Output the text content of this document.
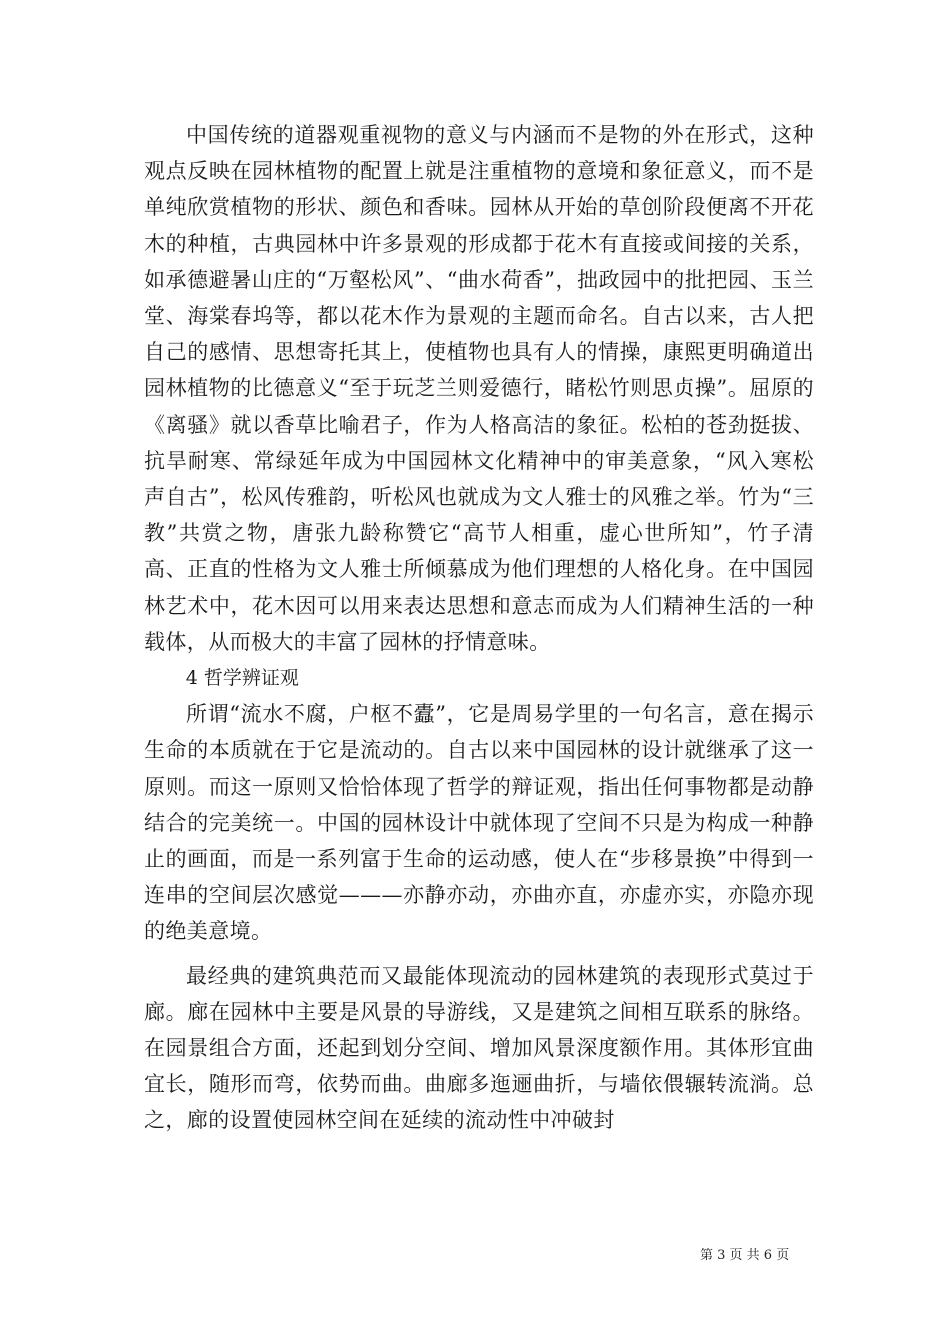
中国传统的道器观重视物的意义与内涵而不是物的外在形式，这种观点反映在园林植物的配置上就是注重植物的意境和象征意义，而不是单纯欣赏植物的形状、颜色和香味。园林从开始的草创阶段便离不开花木的种植，古典园林中许多景观的形成都于花木有直接或间接的关系，如承德避暑山庄的“万壑松风”、“曲水荷香”，拙政园中的批把园、玉兰堂、海棠春坞等，都以花木作为景观的主题而命名。自古以来，古人把自己的感情、思想寄托其上，使植物也具有人的情操，康熙更明确道出园林植物的比德意义“至于玩芝兰则爱德行，睹松竹则思贞操”。屈原的《离骚》就以香草比喻君子，作为人格高洁的象征。松柏的苍劲挺拔、抗旱耐寒、常绿延年成为中国园林文化精神中的审美意象，“风入寒松声自古”，松风传雅韵，听松风也就成为文人雅士的风雅之举。竹为“三教”共赏之物，唐张九龄称赞它“高节人相重，虚心世所知”，竹子清高、正直的性格为文人雅士所倾慕成为他们理想的人格化身。在中国园林艺术中，花木因可以用来表达思想和意志而成为人们精神生活的一种载体，从而极大的丰富了园林的抒情意味。

4 哲学辨证观

所谓“流水不腐，户枢不蠹”，它是周易学里的一句名言，意在揭示生命的本质就在于它是流动的。自古以来中国园林的设计就继承了这一原则。而这一原则又恰恰体现了哲学的辩证观，指出任何事物都是动静结合的完美统一。中国的园林设计中就体现了空间不只是为构成一种静止的画面，而是一系列富于生命的运动感，使人在“步移景换”中得到一连串的空间层次感觉———亦静亦动，亦曲亦直，亦虚亦实，亦隐亦现的绝美意境。

最经典的建筑典范而又最能体现流动的园林建筑的表现形式莫过于廊。廊在园林中主要是风景的导游线，又是建筑之间相互联系的脉络。在园景组合方面，还起到划分空间、增加风景深度额作用。其体形宜曲宜长，随形而弯，依势而曲。曲廊多迤逦曲折，与墙依偎辗转流淌。总之，廊的设置使园林空间在延续的流动性中冲破封

第 3 页 共 6 页
